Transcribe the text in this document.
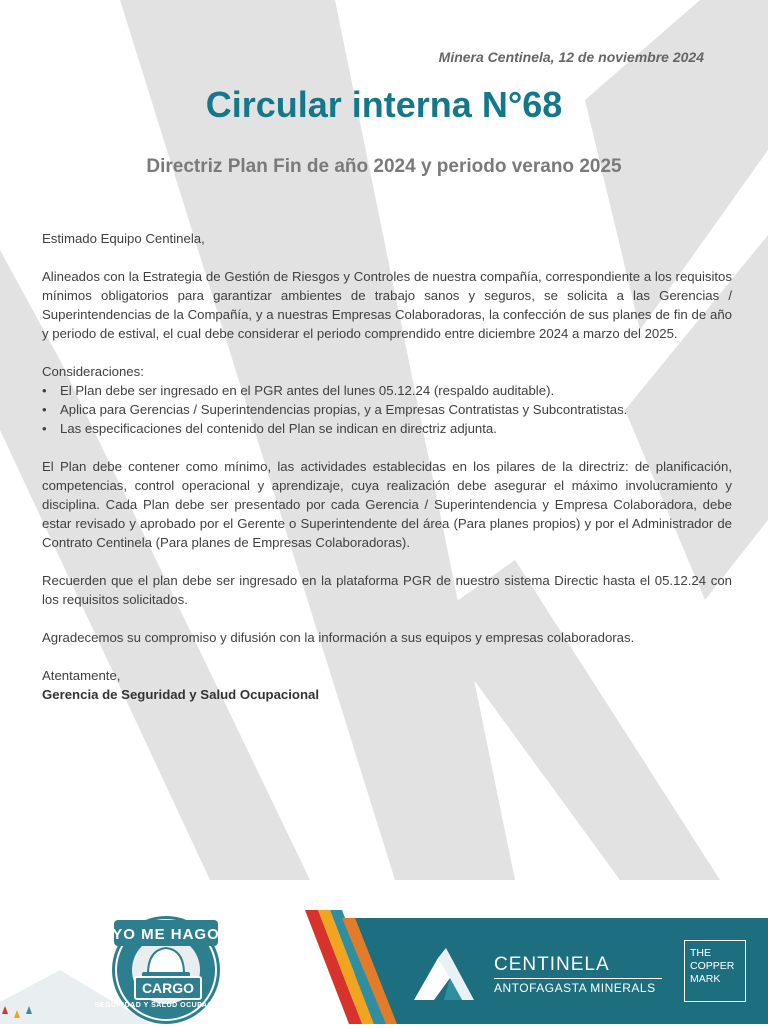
Minera Centinela, 12 de noviembre 2024
Circular interna N°68
Directriz Plan Fin de año 2024 y periodo verano 2025

Estimado Equipo Centinela,

Alineados con la Estrategia de Gestión de Riesgos y Controles de nuestra compañía, correspondiente a los requisitos mínimos obligatorios para garantizar ambientes de trabajo sanos y seguros, se solicita a las Gerencias / Superintendencias de la Compañía, y a nuestras Empresas Colaboradoras, la confección de sus planes de fin de año y periodo de estival, el cual debe considerar el periodo comprendido entre diciembre 2024 a marzo del 2025.

Consideraciones:

• El Plan debe ser ingresado en el PGR antes del lunes 05.12.24 (respaldo auditable).
• Aplica para Gerencias / Superintendencias propias, y a Empresas Contratistas y Subcontratistas.
• Las especificaciones del contenido del Plan se indican en directriz adjunta.

El Plan debe contener como mínimo, las actividades establecidas en los pilares de la directriz: de planificación, competencias, control operacional y aprendizaje, cuya realización debe asegurar el máximo involucramiento y disciplina. Cada Plan debe ser presentado por cada Gerencia / Superintendencia y Empresa Colaboradora, debe estar revisado y aprobado por el Gerente o Superintendente del área (Para planes propios) y por el Administrador de Contrato Centinela (Para planes de Empresas Colaboradoras).

Recuerden que el plan debe ser ingresado en la plataforma PGR de nuestro sistema Directic hasta el 05.12.24 con los requisitos solicitados.

Agradecemos su compromiso y difusión con la información a sus equipos y empresas colaboradoras.

Atentamente,

Gerencia de Seguridad y Salud Ocupacional

YO ME HAGO
CARGO
SEGURIDAD Y SALUD OCUPACIONAL
CENTINELA
ANTOFAGASTA MINERALS
THE
COPPER
MARK
